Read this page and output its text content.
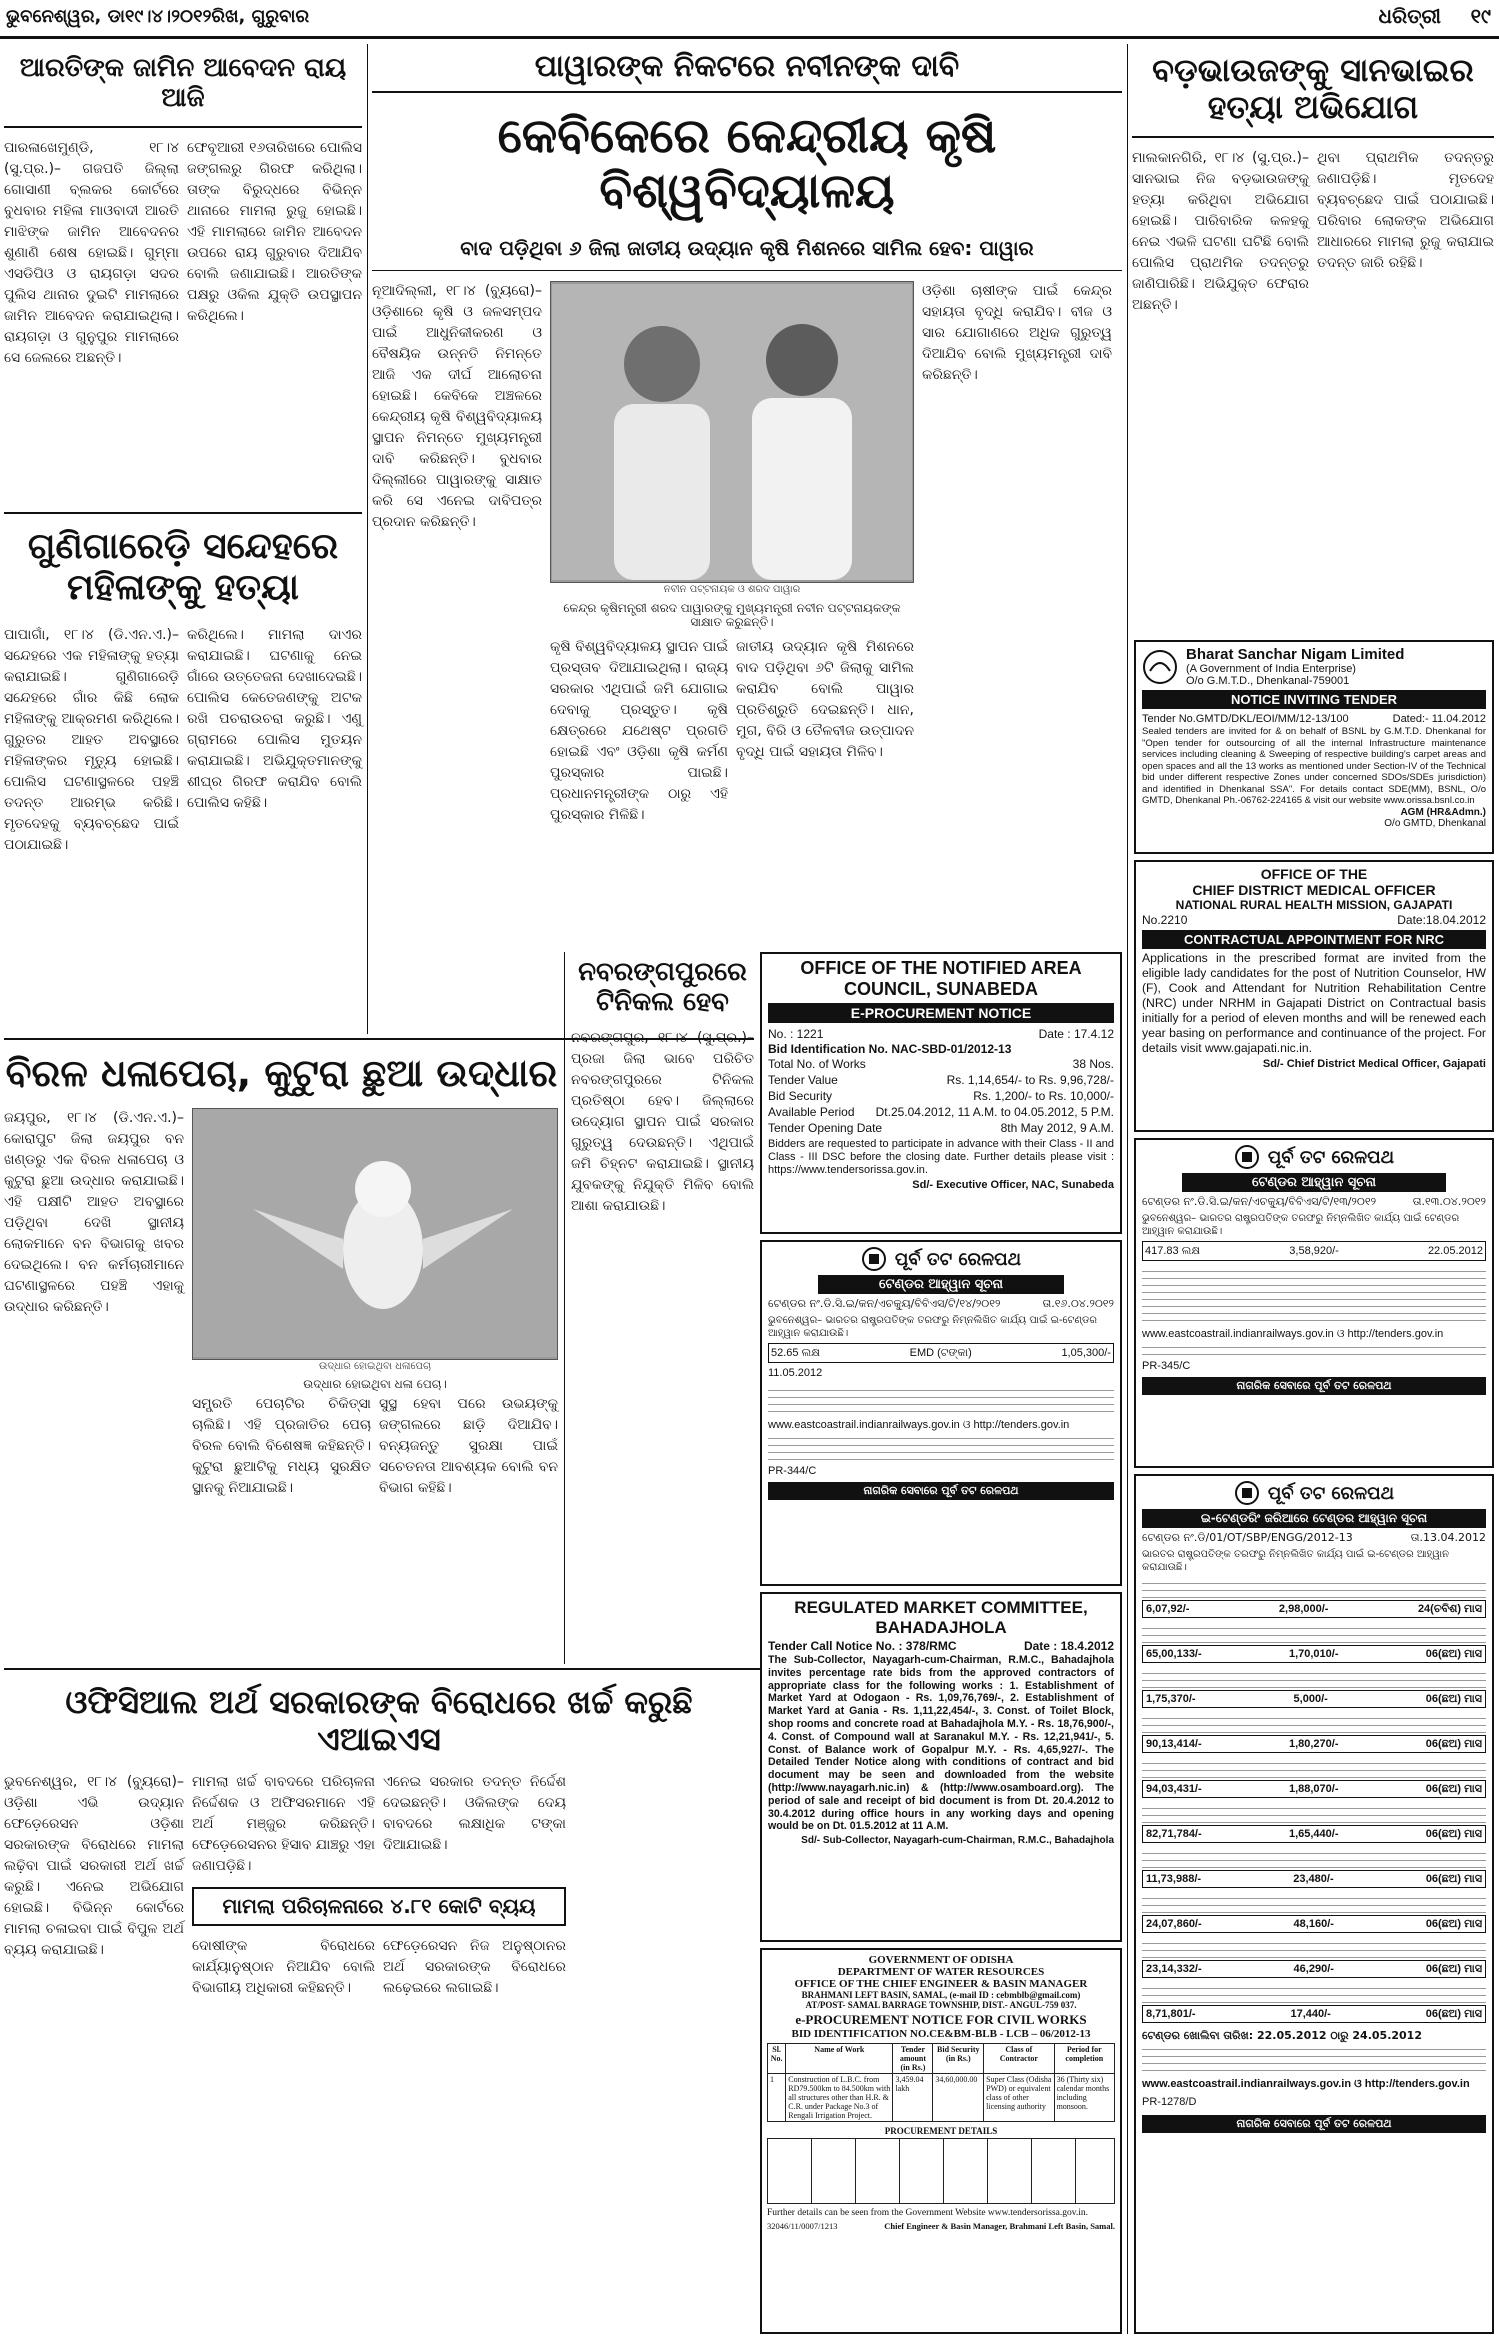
ଭୁବନେଶ୍ୱର, ଡା୧୯।୪।୨୦୧୨ରିଖ, ଗୁରୁବାର	ଧରିତ୍ରୀ ୧୯
ଆରତିଙ୍କ ଜାମିନ ଆବେଦନ ରାୟ ଆଜି
ପାରଳାଖେମୁଣ୍ଡି, ୧୮।୪ (ସୁ.ପ୍ର.)– ଗଜପତି ଜିଲ୍ଲା ଗୋସାଣୀ ବ୍ଲକର କୋର୍ଟରେ ବୁଧବାର ମହିଳା ମାଓବାଦୀ ଆରତି ମାଝିଙ୍କ ଜାମିନ ଆବେଦନର ଶୁଣାଣି ଶେଷ ହୋଇଛି। ଗୁମ୍ମା ଏସଡିପିଓ ଓ ରାୟଗଡ଼ା ସଦର ପୁଲିସ ଥାନାର ଦୁଇଟି ମାମଲାରେ ଜାମିନ ଆବେଦନ କରାଯାଇଥିଲା। ରାୟଗଡ଼ା ଓ ଗୁନୁପୁର ମାମଲାରେ ସେ ଜେଲରେ ଅଛନ୍ତି।
ଫେବୃଆରୀ ୧୬ତାରିଖରେ ପୋଲିସ ଜଙ୍ଗଲରୁ ଗିରଫ କରିଥିଲା। ତାଙ୍କ ବିରୁଦ୍ଧରେ ବିଭିନ୍ନ ଥାନାରେ ମାମଲା ରୁଜୁ ହୋଇଛି। ଏହି ମାମଲାରେ ଜାମିନ ଆବେଦନ ଉପରେ ରାୟ ଗୁରୁବାର ଦିଆଯିବ ବୋଲି ଜଣାଯାଇଛି। ଆରତିଙ୍କ ପକ୍ଷରୁ ଓକିଲ ଯୁକ୍ତି ଉପସ୍ଥାପନ କରିଥିଲେ।
ଗୁଣିଗାରେଡ଼ି ସନ୍ଦେହରେ ମହିଳାଙ୍କୁ ହତ୍ୟା
ପାପାଗାଁ, ୧୮।୪ (ଡି.ଏନ.ଏ.)– ସନ୍ଦେହରେ ଏକ ମହିଳାଙ୍କୁ ହତ୍ୟା କରାଯାଇଛି। ଗୁଣିଗାରେଡ଼ି ସନ୍ଦେହରେ ଗାଁର କିଛି ଲୋକ ମହିଳାଙ୍କୁ ଆକ୍ରମଣ କରିଥିଲେ। ଗୁରୁତର ଆହତ ଅବସ୍ଥାରେ ମହିଳାଙ୍କର ମୃତ୍ୟୁ ହୋଇଛି। ପୋଲିସ ଘଟଣାସ୍ଥଳରେ ପହଞ୍ଚି ତଦନ୍ତ ଆରମ୍ଭ କରିଛି। ମୃତଦେହକୁ ବ୍ୟବଚ୍ଛେଦ ପାଇଁ ପଠାଯାଇଛି।
କରିଥିଲେ। ମାମଲା ଦାଏର କରାଯାଇଛି। ଘଟଣାକୁ ନେଇ ଗାଁରେ ଉତ୍ତେଜନା ଦେଖାଦେଇଛି। ପୋଲିସ କେତେଜଣଙ୍କୁ ଅଟକ ରଖି ପଚରାଉଚରା କରୁଛି। ଏଣୁ ଗ୍ରାମରେ ପୋଲିସ ମୁତୟନ କରାଯାଇଛି। ଅଭିଯୁକ୍ତମାନଙ୍କୁ ଶୀଘ୍ର ଗିରଫ କରାଯିବ ବୋଲି ପୋଲିସ କହିଛି।
ପାୱାରଙ୍କ ନିକଟରେ ନବୀନଙ୍କ ଦାବି
କେବିକେରେ କେନ୍ଦ୍ରୀୟ କୃଷି ବିଶ୍ୱବିଦ୍ୟାଳୟ
ବାଦ ପଡ଼ିଥିବା ୬ ଜିଲା ଜାତୀୟ ଉଦ୍ୟାନ କୃଷି ମିଶନରେ ସାମିଲ ହେବ: ପାୱାର
ନୂଆଦିଲ୍ଲୀ, ୧୮।୪ (ବ୍ୟୁରୋ)– ଓଡ଼ିଶାରେ କୃଷି ଓ ଜଳସମ୍ପଦ ପାଇଁ ଆଧୁନିକୀକରଣ ଓ ବୈଷୟିକ ଉନ୍ନତି ନିମନ୍ତେ ଆଜି ଏକ ଦୀର୍ଘ ଆଲୋଚନା ହୋଇଛି। କେବିକେ ଅଞ୍ଚଳରେ କେନ୍ଦ୍ରୀୟ କୃଷି ବିଶ୍ୱବିଦ୍ୟାଳୟ ସ୍ଥାପନ ନିମନ୍ତେ ମୁଖ୍ୟମନ୍ତ୍ରୀ ଦାବି କରିଛନ୍ତି। ବୁଧବାର ଦିଲ୍ଲୀରେ ପାୱାରଙ୍କୁ ସାକ୍ଷାତ କରି ସେ ଏନେଇ ଦାବିପତ୍ର ପ୍ରଦାନ କରିଛନ୍ତି।
ନବୀନ ପଟ୍ଟନାୟକ ଓ ଶରଦ ପାୱାର
କେନ୍ଦ୍ର କୃଷିମନ୍ତ୍ରୀ ଶରଦ ପାୱାରଙ୍କୁ ମୁଖ୍ୟମନ୍ତ୍ରୀ ନବୀନ ପଟ୍ଟନାୟକଙ୍କ ସାକ୍ଷାତ କରୁଛନ୍ତି।
କୃଷି ବିଶ୍ୱବିଦ୍ୟାଳୟ ସ୍ଥାପନ ପାଇଁ ପ୍ରସ୍ତାବ ଦିଆଯାଇଥିଲା। ରାଜ୍ୟ ସରକାର ଏଥିପାଇଁ ଜମି ଯୋଗାଇ ଦେବାକୁ ପ୍ରସ୍ତୁତ। କୃଷି କ୍ଷେତ୍ରରେ ଯଥେଷ୍ଟ ପ୍ରଗତି ହୋଇଛି ଏବଂ ଓଡ଼ିଶା କୃଷି କର୍ମଣ ପୁରସ୍କାର ପାଇଛି। ପ୍ରଧାନମନ୍ତ୍ରୀଙ୍କ ଠାରୁ ଏହି ପୁରସ୍କାର ମିଳିଛି।
ଜାତୀୟ ଉଦ୍ୟାନ କୃଷି ମିଶନରେ ବାଦ ପଡ଼ିଥିବା ୬ଟି ଜିଲାକୁ ସାମିଲ କରାଯିବ ବୋଲି ପାୱାର ପ୍ରତିଶ୍ରୁତି ଦେଇଛନ୍ତି। ଧାନ, ମୁଗ, ବିରି ଓ ତୈଳବୀଜ ଉତ୍ପାଦନ ବୃଦ୍ଧି ପାଇଁ ସହାୟତା ମିଳିବ।
ଓଡ଼ିଶା ଚାଷୀଙ୍କ ପାଇଁ କେନ୍ଦ୍ର ସହାୟତା ବୃଦ୍ଧି କରାଯିବ। ବୀଜ ଓ ସାର ଯୋଗାଣରେ ଅଧିକ ଗୁରୁତ୍ୱ ଦିଆଯିବ ବୋଲି ମୁଖ୍ୟମନ୍ତ୍ରୀ ଦାବି କରିଛନ୍ତି।
ବଡ଼ଭାଉଜଙ୍କୁ ସାନଭାଇର ହତ୍ୟା ଅଭିଯୋଗ
ମାଲକାନଗିରି, ୧୮।୪ (ସୁ.ପ୍ର.)– ସାନଭାଇ ନିଜ ବଡ଼ଭାଉଜଙ୍କୁ ହତ୍ୟା କରିଥିବା ଅଭିଯୋଗ ହୋଇଛି। ପାରିବାରିକ କଳହକୁ ନେଇ ଏଭଳି ଘଟଣା ଘଟିଛି ବୋଲି ପୋଲିସ ପ୍ରାଥମିକ ତଦନ୍ତରୁ ଜାଣିପାରିଛି। ଅଭିଯୁକ୍ତ ଫେରାର ଅଛନ୍ତି।
ଥିବା ପ୍ରାଥମିକ ତଦନ୍ତରୁ ଜଣାପଡ଼ିଛି। ମୃତଦେହ ବ୍ୟବଚ୍ଛେଦ ପାଇଁ ପଠାଯାଇଛି। ପରିବାର ଲୋକଙ୍କ ଅଭିଯୋଗ ଆଧାରରେ ମାମଲା ରୁଜୁ କରାଯାଇ ତଦନ୍ତ ଜାରି ରହିଛି।
Bharat Sanchar Nigam Limited
(A Government of India Enterprise)
O/o G.M.T.D., Dhenkanal-759001
NOTICE INVITING TENDER
Tender No.GMTD/DKL/EOI/MM/12-13/100	Dated:- 11.04.2012
Sealed tenders are invited for & on behalf of BSNL by G.M.T.D. Dhenkanal for "Open tender for outsourcing of all the internal Infrastructure maintenance services including cleaning & Sweeping of respective building's carpet areas and open spaces and all the 13 works as mentioned under Section-IV of the Technical bid under different respective Zones under concerned SDOs/SDEs jurisdiction) and identified in Dhenkanal SSA". For details contact SDE(MM), BSNL, O/o GMTD, Dhenkanal Ph.-06762-224165 & visit our website www.orissa.bsnl.co.in
AGM (HR&Admn.)
O/o GMTD, Dhenkanal
OFFICE OF THE
CHIEF DISTRICT MEDICAL OFFICER
NATIONAL RURAL HEALTH MISSION, GAJAPATI
No.2210	Date:18.04.2012
CONTRACTUAL APPOINTMENT FOR NRC
Applications in the prescribed format are invited from the eligible lady candidates for the post of Nutrition Counselor, HW (F), Cook and Attendant for Nutrition Rehabilitation Centre (NRC) under NRHM in Gajapati District on Contractual basis initially for a period of eleven months and will be renewed each year basing on performance and continuance of the project. For details visit www.gajapati.nic.in.
Sd/- Chief District Medical Officer, Gajapati
ପୂର୍ବ ତଟ ରେଳପଥ
ଟେଣ୍ଡର ଆହ୍ୱାନ ସୂଚନା
ଟେଣ୍ଡର ନଂ.ଡି.ସି.ଇ/କନ/ଏଚକ୍ୟୁ/ବିବିଏସ/ଟି/୧୩/୨୦୧୨	ତା.୧୩.୦୪.୨୦୧୨
ଭୁବନେଶ୍ୱର– ଭାରତର ରାଷ୍ଟ୍ରପତିଙ୍କ ତରଫରୁ ନିମ୍ନଲିଖିତ କାର୍ଯ୍ୟ ପାଇଁ ଟେଣ୍ଡର ଆହ୍ୱାନ କରାଯାଉଛି।
417.83 ଲକ୍ଷ	3,58,920/-	22.05.2012
www.eastcoastrail.indianrailways.gov.in ଓ http://tenders.gov.in
PR-345/C
ନାଗରିକ ସେବାରେ ପୂର୍ବ ତଟ ରେଳପଥ
ପୂର୍ବ ତଟ ରେଳପଥ
ଇ-ଟେଣ୍ଡରିଂ ଜରିଆରେ ଟେଣ୍ଡର ଆହ୍ୱାନ ସୂଚନା
ଟେଣ୍ଡର ନଂ.ଡି/01/OT/SBP/ENGG/2012-13	ତା.13.04.2012
ଭାରତର ରାଷ୍ଟ୍ରପତିଙ୍କ ତରଫରୁ ନିମ୍ନଲିଖିତ କାର୍ଯ୍ୟ ପାଇଁ ଇ-ଟେଣ୍ଡର ଆହ୍ୱାନ କରାଯାଉଛି।
6,07,92/-	2,98,000/-	24(ଚବିଶ) ମାସ
65,00,133/-	1,70,010/-	06(ଛଅ) ମାସ
1,75,370/-	5,000/-	06(ଛଅ) ମାସ
90,13,414/-	1,80,270/-	06(ଛଅ) ମାସ
94,03,431/-	1,88,070/-	06(ଛଅ) ମାସ
82,71,784/-	1,65,440/-	06(ଛଅ) ମାସ
11,73,988/-	23,480/-	06(ଛଅ) ମାସ
24,07,860/-	48,160/-	06(ଛଅ) ମାସ
23,14,332/-	46,290/-	06(ଛଅ) ମାସ
8,71,801/-	17,440/-	06(ଛଅ) ମାସ
ଟେଣ୍ଡର ଖୋଲିବା ତାରିଖ: 22.05.2012 ଠାରୁ 24.05.2012
www.eastcoastrail.indianrailways.gov.in ଓ http://tenders.gov.in
PR-1278/D
ନାଗରିକ ସେବାରେ ପୂର୍ବ ତଟ ରେଳପଥ
ବିରଳ ଧଳାପେଚା, କୁଟୁରା ଛୁଆ ଉଦ୍ଧାର
ଜୟପୁର, ୧୮।୪ (ଡି.ଏନ.ଏ.)– କୋରାପୁଟ ଜିଲା ଜୟପୁର ବନ ଖଣ୍ଡରୁ ଏକ ବିରଳ ଧଳାପେଚା ଓ କୁଟୁରା ଛୁଆ ଉଦ୍ଧାର କରାଯାଇଛି। ଏହି ପକ୍ଷୀଟି ଆହତ ଅବସ୍ଥାରେ ପଡ଼ିଥିବା ଦେଖି ସ୍ଥାନୀୟ ଲୋକମାନେ ବନ ବିଭାଗକୁ ଖବର ଦେଇଥିଲେ। ବନ କର୍ମଚାରୀମାନେ ଘଟଣାସ୍ଥଳରେ ପହଞ୍ଚି ଏହାକୁ ଉଦ୍ଧାର କରିଛନ୍ତି।
ଉଦ୍ଧାର ହୋଇଥିବା ଧଳାପେଚା
ଉଦ୍ଧାର ହୋଇଥିବା ଧଳା ପେଚା।
ସମ୍ପ୍ରତି ପେଚାଟିର ଚିକିତ୍ସା ଚାଲିଛି। ଏହି ପ୍ରଜାତିର ପେଚା ବିରଳ ବୋଲି ବିଶେଷଜ୍ଞ କହିଛନ୍ତି। କୁଟୁରା ଛୁଆଟିକୁ ମଧ୍ୟ ସୁରକ୍ଷିତ ସ୍ଥାନକୁ ନିଆଯାଇଛି।
ସୁସ୍ଥ ହେବା ପରେ ଉଭୟଙ୍କୁ ଜଙ୍ଗଲରେ ଛାଡ଼ି ଦିଆଯିବ। ବନ୍ୟଜନ୍ତୁ ସୁରକ୍ଷା ପାଇଁ ସଚେତନତା ଆବଶ୍ୟକ ବୋଲି ବନ ବିଭାଗ କହିଛି।
ନବରଙ୍ଗପୁରରେ ଟିନିକଲ ହେବ
ନବରଙ୍ଗପୁର, ୧୮।୪ (ସୁ.ପ୍ର.)– ପ୍ରଜା ଜିଲା ଭାବେ ପରିଚିତ ନବରଙ୍ଗପୁରରେ ଟିନିକଲ ପ୍ରତିଷ୍ଠା ହେବ। ଜିଲ୍ଲାରେ ଉଦ୍ୟୋଗ ସ୍ଥାପନ ପାଇଁ ସରକାର ଗୁରୁତ୍ୱ ଦେଉଛନ୍ତି। ଏଥିପାଇଁ ଜମି ଚିହ୍ନଟ କରାଯାଇଛି। ସ୍ଥାନୀୟ ଯୁବକଙ୍କୁ ନିଯୁକ୍ତି ମିଳିବ ବୋଲି ଆଶା କରାଯାଉଛି।
OFFICE OF THE NOTIFIED AREA COUNCIL, SUNABEDA
E-PROCUREMENT NOTICE
No. : 1221	Date : 17.4.12
Bid Identification No. NAC-SBD-01/2012-13
Total No. of Works	38 Nos.
Tender Value	Rs. 1,14,654/- to Rs. 9,96,728/-
Bid Security	Rs. 1,200/- to Rs. 10,000/-
Available Period Dt.25.04.2012, 11 A.M. to 04.05.2012, 5 P.M.
Tender Opening Date	8th May 2012, 9 A.M.
Bidders are requested to participate in advance with their Class - II and Class - III DSC before the closing date. Further details please visit : https://www.tendersorissa.gov.in.
Sd/- Executive Officer, NAC, Sunabeda
ପୂର୍ବ ତଟ ରେଳପଥ
ଟେଣ୍ଡର ଆହ୍ୱାନ ସୂଚନା
ଟେଣ୍ଡର ନଂ.ଡି.ସି.ଇ/କନ/ଏଚକ୍ୟୁ/ବିବିଏସ/ଟି/୧୪/୨୦୧୨	ତା.୧୬.୦୪.୨୦୧୨
ଭୁବନେଶ୍ୱର– ଭାରତର ରାଷ୍ଟ୍ରପତିଙ୍କ ତରଫରୁ ନିମ୍ନଲିଖିତ କାର୍ଯ୍ୟ ପାଇଁ ଇ-ଟେଣ୍ଡର ଆହ୍ୱାନ କରାଯାଉଛି।
52.65 ଲକ୍ଷ	EMD (ଟଙ୍କା)	1,05,300/-
11.05.2012
www.eastcoastrail.indianrailways.gov.in ଓ http://tenders.gov.in
PR-344/C
ନାଗରିକ ସେବାରେ ପୂର୍ବ ତଟ ରେଳପଥ
ଓଫିସିଆଲ ଅର୍ଥ ସରକାରଙ୍କ ବିରୋଧରେ ଖର୍ଚ୍ଚ କରୁଛି ଏଆଇଏସ
ଭୁବନେଶ୍ୱର, ୧୮।୪ (ବ୍ୟୁରୋ)– ଓଡ଼ିଶା ଏଭି ଉଦ୍ୟାନ ଫେଡ଼େରେସନ ଓଡ଼ିଶା ସରକାରଙ୍କ ବିରୋଧରେ ମାମଲା ଲଢ଼ିବା ପାଇଁ ସରକାରୀ ଅର୍ଥ ଖର୍ଚ୍ଚ କରୁଛି। ଏନେଇ ଅଭିଯୋଗ ହୋଇଛି। ବିଭିନ୍ନ କୋର୍ଟରେ ମାମଲା ଚଳାଇବା ପାଇଁ ବିପୁଳ ଅର୍ଥ ବ୍ୟୟ କରାଯାଇଛି।
ମାମଲା ଖର୍ଚ୍ଚ ବାବଦରେ ପରିଚାଳନା ନିର୍ଦ୍ଦେଶକ ଓ ଅଫିସରମାନେ ଏହି ଅର୍ଥ ମଞ୍ଜୁର କରିଛନ୍ତି। ଫେଡ଼େରେସନର ହିସାବ ଯାଞ୍ଚରୁ ଏହା ଜଣାପଡ଼ିଛି।
ଏନେଇ ସରକାର ତଦନ୍ତ ନିର୍ଦ୍ଦେଶ ଦେଇଛନ୍ତି। ଓକିଲଙ୍କ ଦେୟ ବାବଦରେ ଲକ୍ଷାଧିକ ଟଙ୍କା ଦିଆଯାଇଛି।
ମାମଲା ପରିଚାଳନାରେ ୪.୮୧ କୋଟି ବ୍ୟୟ
ଦୋଷୀଙ୍କ ବିରୋଧରେ କାର୍ଯ୍ୟାନୁଷ୍ଠାନ ନିଆଯିବ ବୋଲି ବିଭାଗୀୟ ଅଧିକାରୀ କହିଛନ୍ତି।
ଫେଡ଼େରେସନ ନିଜ ଅନୁଷ୍ଠାନର ଅର୍ଥ ସରକାରଙ୍କ ବିରୋଧରେ ଲଢ଼େଇରେ ଲଗାଇଛି।
REGULATED MARKET COMMITTEE, BAHADAJHOLA
Tender Call Notice No. : 378/RMC	Date : 18.4.2012
The Sub-Collector, Nayagarh-cum-Chairman, R.M.C., Bahadajhola invites percentage rate bids from the approved contractors of appropriate class for the following works : 1. Establishment of Market Yard at Odogaon - Rs. 1,09,76,769/-, 2. Establishment of Market Yard at Gania - Rs. 1,11,22,454/-, 3. Const. of Toilet Block, shop rooms and concrete road at Bahadajhola M.Y. - Rs. 18,76,900/-, 4. Const. of Compound wall at Saranakul M.Y. - Rs. 12,21,941/-, 5. Const. of Balance work of Gopalpur M.Y. - Rs. 4,65,927/-. The Detailed Tender Notice along with conditions of contract and bid document may be seen and downloaded from the website (http://www.nayagarh.nic.in) & (http://www.osamboard.org). The period of sale and receipt of bid document is from Dt. 20.4.2012 to 30.4.2012 during office hours in any working days and opening would be on Dt. 01.5.2012 at 11 A.M.
Sd/- Sub-Collector, Nayagarh-cum-Chairman, R.M.C., Bahadajhola
GOVERNMENT OF ODISHA
DEPARTMENT OF WATER RESOURCES
OFFICE OF THE CHIEF ENGINEER & BASIN MANAGER
BRAHMANI LEFT BASIN, SAMAL, (e-mail ID : cebmblb@gmail.com)
AT/POST- SAMAL BARRAGE TOWNSHIP, DIST.- ANGUL-759 037.
e-PROCUREMENT NOTICE FOR CIVIL WORKS
BID IDENTIFICATION NO.CE&BM-BLB - LCB – 06/2012-13
Sl. No.	Name of Work	Tender amount (in Rs.)	Bid Security (in Rs.)	Class of Contractor	Period for completion
1	Construction of L.B.C. from RD79.500km to 84.500km with all structures other than H.R. & C.R. under Package No.3 of Rengali Irrigation Project.	3,459.04 lakh	34,60,000.00	Super Class (Odisha PWD) or equivalent class of other licensing authority	36 (Thirty six) calendar months including monsoon.
PROCUREMENT DETAILS
Further details can be seen from the Government Website www.tendersorissa.gov.in.
32046/11/0007/1213	Chief Engineer & Basin Manager, Brahmani Left Basin, Samal.
